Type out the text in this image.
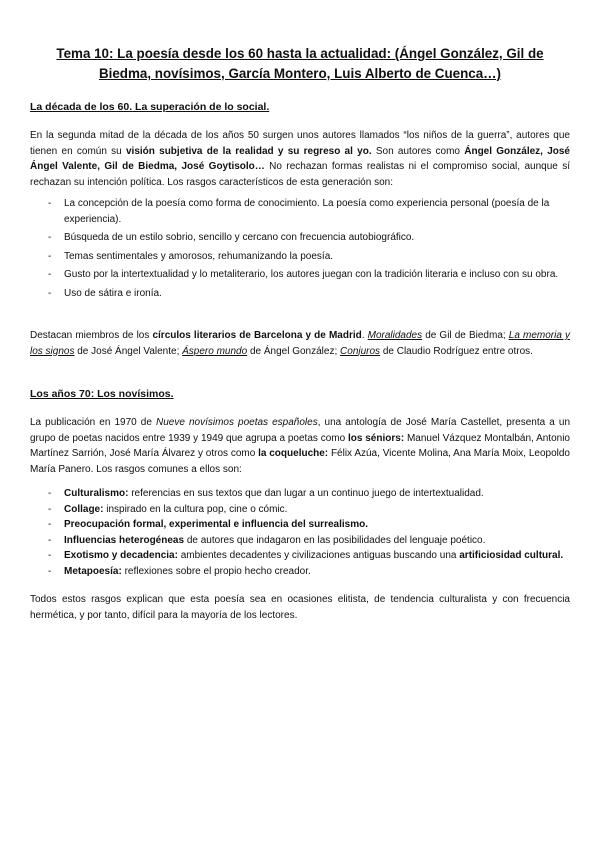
Tema 10: La poesía desde los 60 hasta la actualidad: (Ángel González, Gil de Biedma, novísimos, García Montero, Luis Alberto de Cuenca…)
La década de los 60. La superación de lo social.
En la segunda mitad de la década de los años 50 surgen unos autores llamados “los niños de la guerra”, autores que tienen en común su visión subjetiva de la realidad y su regreso al yo. Son autores como Ángel González, José Ángel Valente, Gil de Biedma, José Goytisolo… No rechazan formas realistas ni el compromiso social, aunque sí rechazan su intención política. Los rasgos característicos de esta generación son:
- La concepción de la poesía como forma de conocimiento. La poesía como experiencia personal (poesía de la experiencia).
- Búsqueda de un estilo sobrio, sencillo y cercano con frecuencia autobiográfico.
- Temas sentimentales y amorosos, rehumanizando la poesía.
- Gusto por la intertextualidad y lo metaliterario, los autores juegan con la tradición literaria e incluso con su obra.
- Uso de sátira e ironía.
Destacan miembros de los círculos literarios de Barcelona y de Madrid. Moralidades de Gil de Biedma; La memoria y los signos de José Ángel Valente; Áspero mundo de Ángel González; Conjuros de Claudio Rodríguez entre otros.
Los años 70: Los novísimos.
La publicación en 1970 de Nueve novísimos poetas españoles, una antología de José María Castellet, presenta a un grupo de poetas nacidos entre 1939 y 1949 que agrupa a poetas como los séniors: Manuel Vázquez Montalbán, Antonio Martínez Sarrión, José María Álvarez y otros como la coqueluche: Félix Azúa, Vicente Molina, Ana María Moix, Leopoldo María Panero. Los rasgos comunes a ellos son:
- Culturalismo: referencias en sus textos que dan lugar a un continuo juego de intertextualidad.
- Collage: inspirado en la cultura pop, cine o cómic.
- Preocupación formal, experimental e influencia del surrealismo.
- Influencias heterogéneas de autores que indagaron en las posibilidades del lenguaje poético.
- Exotismo y decadencia: ambientes decadentes y civilizaciones antiguas buscando una artificiosidad cultural.
- Metapoesía: reflexiones sobre el propio hecho creador.
Todos estos rasgos explican que esta poesía sea en ocasiones elitista, de tendencia culturalista y con frecuencia hermética, y por tanto, difícil para la mayoría de los lectores.
